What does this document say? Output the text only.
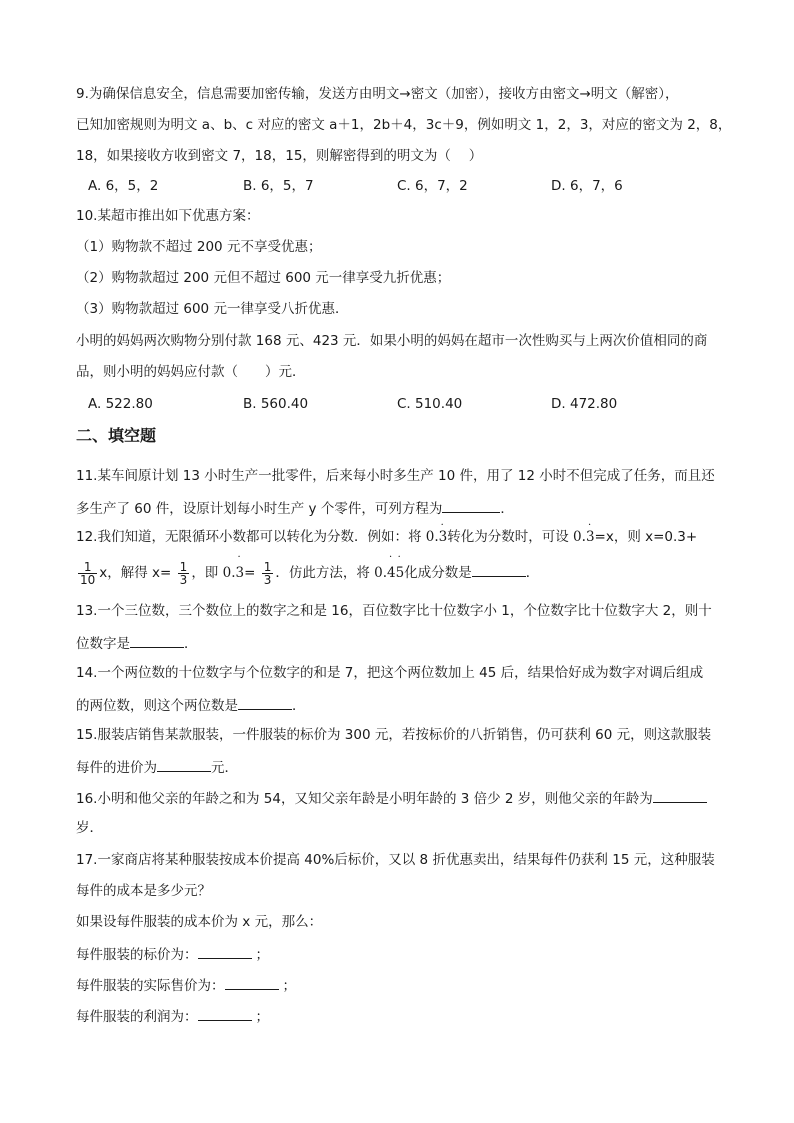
9.为确保信息安全，信息需要加密传输，发送方由明文→密文（加密），接收方由密文→明文（解密），
已知加密规则为明文 a、b、c 对应的密文 a＋1，2b＋4，3c＋9，例如明文 1，2，3，对应的密文为 2，8，
18，如果接收方收到密文 7，18，15，则解密得到的明文为（　 ）
A. 6，5，2	B. 6，5，7	C. 6，7，2	D. 6，7，6
10.某超市推出如下优惠方案：
（1）购物款不超过 200 元不享受优惠；
（2）购物款超过 200 元但不超过 600 元一律享受九折优惠；
（3）购物款超过 600 元一律享受八折优惠．
小明的妈妈两次购物分别付款 168 元、423 元．如果小明的妈妈在超市一次性购买与上两次价值相同的商
品，则小明的妈妈应付款（　　）元．
A. 522.80	B. 560.40	C. 510.40	D. 472.80
二、填空题
11.某车间原计划 13 小时生产一批零件，后来每小时多生产 10 件，用了 12 小时不但完成了任务，而且还
多生产了 60 件，设原计划每小时生产 y 个零件，可列方程为	．
12.我们知道，无限循环小数都可以转化为分数．例如：将 0.3
·
转化为分数时，可设 0.3
·
=x，则 x=0.3+
$\frac{1}{10}$ x，解得 $x= \frac{1}{3}$ ，即 0.3
·
= $\frac{1}{3}$ ．仿此方法，将 0.4
·
5
·
化成分数是	．
13.一个三位数，三个数位上的数字之和是 16，百位数字比十位数字小 1，个位数字比十位数字大 2，则十
位数字是	．
14.一个两位数的十位数字与个位数字的和是 7，把这个两位数加上 45 后，结果恰好成为数字对调后组成
的两位数，则这个两位数是	．
15.服装店销售某款服装，一件服装的标价为 300 元，若按标价的八折销售，仍可获利 60 元，则这款服装
每件的进价为	元．
16.小明和他父亲的年龄之和为 54，又知父亲年龄是小明年龄的 3 倍少 2 岁，则他父亲的年龄为
岁．
17.一家商店将某种服装按成本价提高 40%后标价，又以 8 折优惠卖出，结果每件仍获利 15 元，这种服装
每件的成本是多少元？
如果设每件服装的成本价为 x 元，那么：
每件服装的标价为：	；
每件服装的实际售价为：	；
每件服装的利润为：	；
